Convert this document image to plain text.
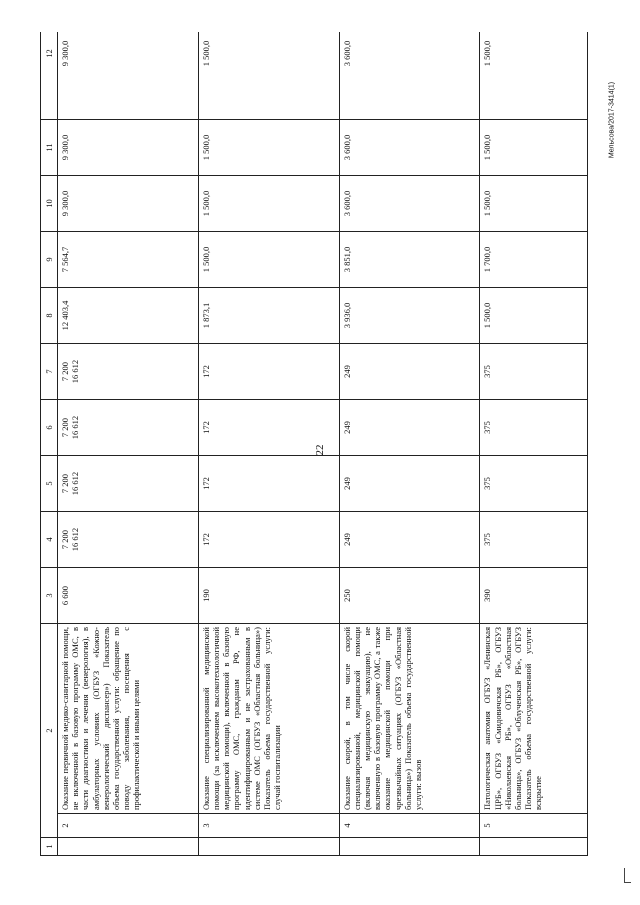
22
Мельсова/2017-3414(1)
1	2		3	4	5	6	7	8	9	10	11	12
	2	Оказание первичной медико-санитарной помощи, не включенной в базовую программу ОМС, в части диагностики и лечения (венерология), в амбулаторных условиях (ОГБУЗ «Кожно-венерологический диспансер») Показатель объема государственной услуги: обращение по поводу заболевания, посещения с профилактической и иными целями	6 600	7 200 16 612	7 200 16 612	7 200 16 612	7 200 16 612	12 403,4	7 564,7	9 300,0	9 300,0	9 300,0
	3	Оказание специализированной медицинской помощи (за исключением высокотехнологичной медицинской помощи), включенной в базовую программу ОМС, гражданам РФ, не идентифицированным и не застрахованным в системе ОМС (ОГБУЗ «Областная больница») Показатель объема государственной услуги: случай госпитализации	190	172	172	172	172	1 873,1	1 500,0	1 500,0	1 500,0	1 500,0
	4	Оказание скорой, в том числе скорой специализированной, медицинской помощи (включая медицинскую эвакуацию), не включенную в базовую программу ОМС, а также оказание медицинской помощи при чрезвычайных ситуациях (ОГБУЗ «Областная больница») Показатель объема государственной услуги: вызов	250	249	249	249	249	3 936,0	3 851,0	3 600,0	3 600,0	3 600,0
	5	Патологическая анатомия ОГБУЗ «Ленинская ЦРБ», ОГБУЗ «Смидовичская РБ», ОГБУЗ «Николаевская РБ», ОГБУЗ «Областная больница», ОГБУЗ «Облученская РБ», ОГБУЗ Показатель объема государственной услуги: вскрытие	390	375	375	375	375	1 500,0	1 700,0	1 500,0	1 500,0	1 500,0
